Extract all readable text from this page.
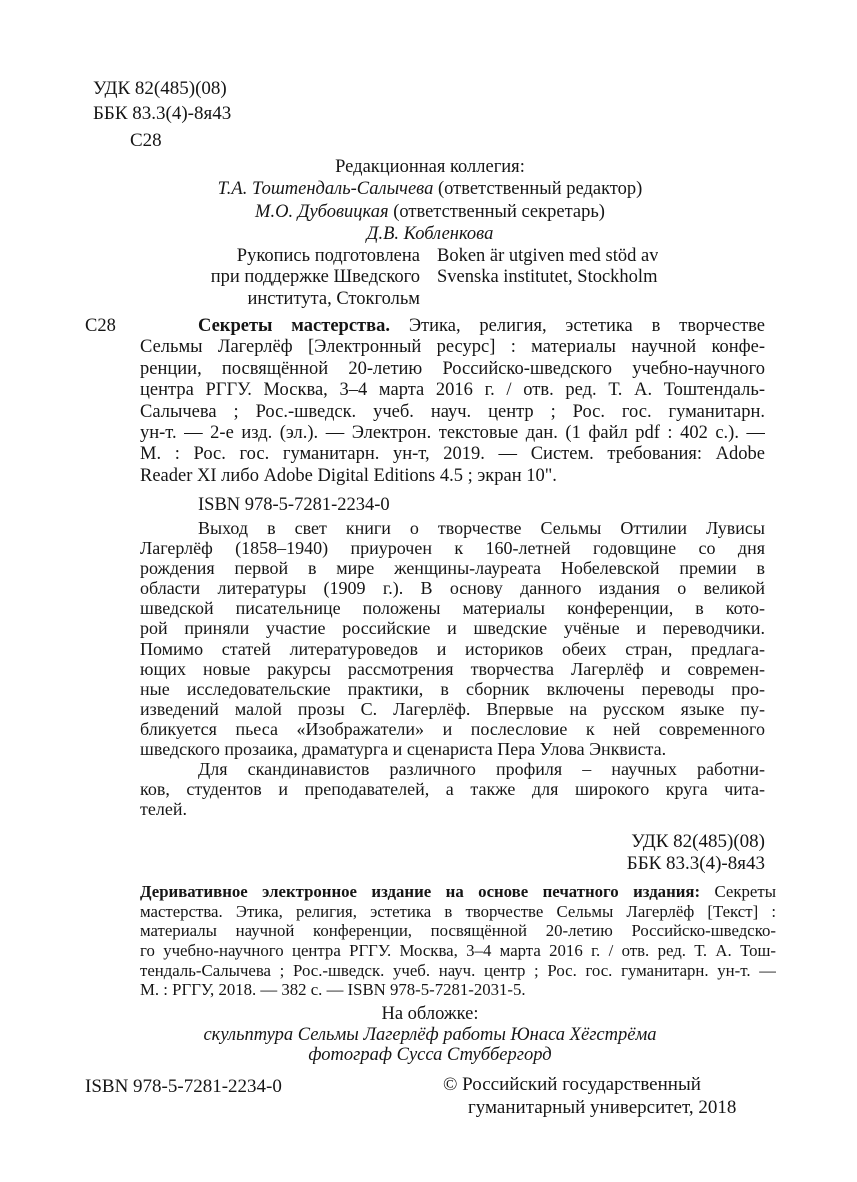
УДК 82(485)(08)
ББК 83.3(4)-8я43
С28
Редакционная коллегия:
Т.А. Тоштендаль-Салычева (ответственный редактор)
М.О. Дубовицкая (ответственный секретарь)
Д.В. Кобленкова
Рукопись подготовлена
при поддержке Шведского
института, Стокгольм
Boken är utgiven med stöd av
Svenska institutet, Stockholm
С28	Секреты мастерства. Этика, религия, эстетика в творчестве
Сельмы Лагерлёф [Электронный ресурс] : материалы научной конфе-
ренции, посвящённой 20-летию Российско-шведского учебно-научного
центра РГГУ. Москва, 3–4 марта 2016 г. / отв. ред. Т. А. Тоштендаль-
Салычева ; Рос.-шведск. учеб. науч. центр ; Рос. гос. гуманитарн.
ун-т. — 2-е изд. (эл.). — Электрон. текстовые дан. (1 файл pdf : 402 с.). —
М. : Рос. гос. гуманитарн. ун-т, 2019. — Систем. требования: Adobe
Reader XI либо Adobe Digital Editions 4.5 ; экран 10".
ISBN 978-5-7281-2234-0
Выход в свет книги о творчестве Сельмы Оттилии Лувисы
Лагерлёф (1858–1940) приурочен к 160-летней годовщине со дня
рождения первой в мире женщины-лауреата Нобелевской премии в
области литературы (1909 г.). В основу данного издания о великой
шведской писательнице положены материалы конференции, в кото-
рой приняли участие российские и шведские учёные и переводчики.
Помимо статей литературоведов и историков обеих стран, предлага-
ющих новые ракурсы рассмотрения творчества Лагерлёф и современ-
ные исследовательские практики, в сборник включены переводы про-
изведений малой прозы С. Лагерлёф. Впервые на русском языке пу-
бликуется пьеса «Изображатели» и послесловие к ней современного
шведского прозаика, драматурга и сценариста Пера Улова Энквиста.
Для скандинавистов различного профиля – научных работни-
ков, студентов и преподавателей, а также для широкого круга чита-
телей.
УДК 82(485)(08)
ББК 83.3(4)-8я43
Деривативное электронное издание на основе печатного издания: Секреты
мастерства. Этика, религия, эстетика в творчестве Сельмы Лагерлёф [Текст] :
материалы научной конференции, посвящённой 20-летию Российско-шведско-
го учебно-научного центра РГГУ. Москва, 3–4 марта 2016 г. / отв. ред. Т. А. Тош-
тендаль-Салычева ; Рос.-шведск. учеб. науч. центр ; Рос. гос. гуманитарн. ун-т. —
М. : РГГУ, 2018. — 382 с. — ISBN 978-5-7281-2031-5.
На обложке:
скульптура Сельмы Лагерлёф работы Юнаса Хёгстрёма
фотограф Сусса Стуббергорд
ISBN 978-5-7281-2234-0	© Российский государственный
гуманитарный университет, 2018
